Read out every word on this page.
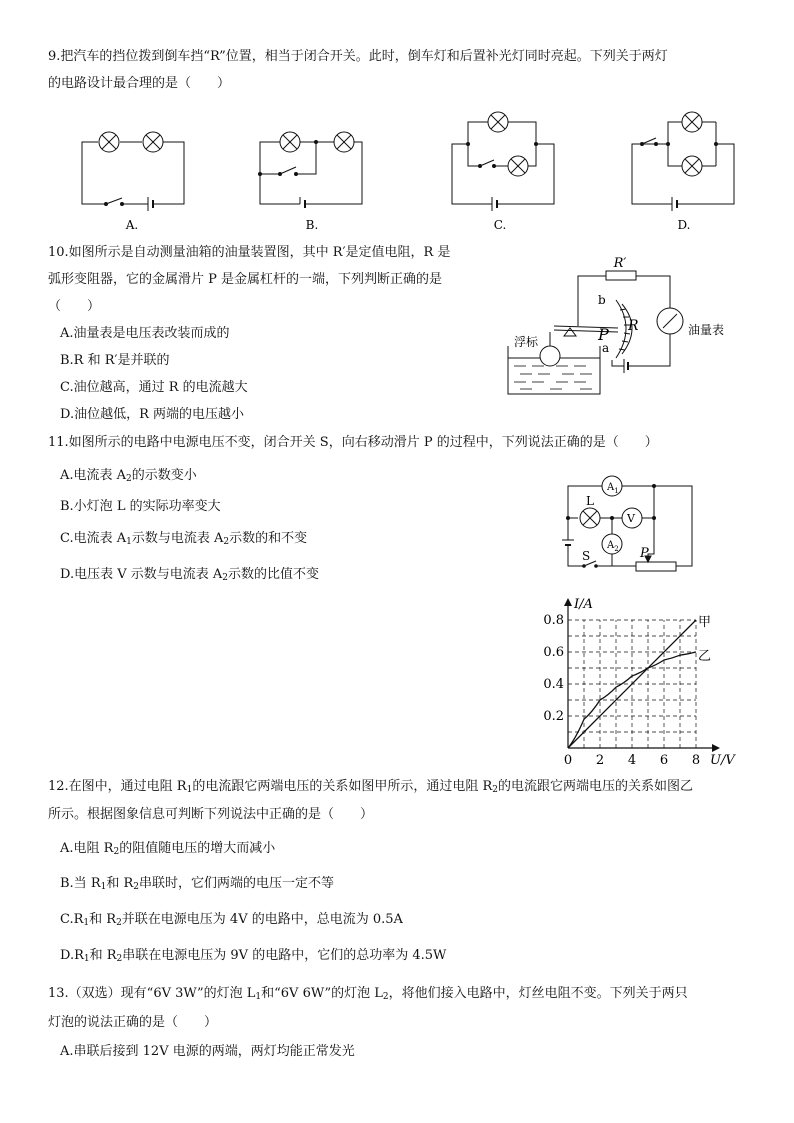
9.把汽车的挡位拨到倒车挡“R”位置，相当于闭合开关。此时，倒车灯和后置补光灯同时亮起。下列关于两灯
的电路设计最合理的是（　　）
A.	B.	C.	D.
10.如图所示是自动测量油箱的油量装置图，其中 R′是定值电阻，R 是
弧形变阻器，它的金属滑片 P 是金属杠杆的一端，下列判断正确的是
（　　）
A.油量表是电压表改装而成的
B.R 和 R′是并联的
C.油位越高，通过 R 的电流越大
D.油位越低，R 两端的电压越小
R′
b
P
a
R
浮标
油量表
11.如图所示的电路中电源电压不变，闭合开关 S，向右移动滑片 P 的过程中，下列说法正确的是（　　）
A.电流表 $A_2$的示数变小
B.小灯泡 L 的实际功率变大
C.电流表 $A_1$示数与电流表 $A_2$示数的和不变
D.电压表 V 示数与电流表 $A_2$示数的比值不变
$A_1$
L
V
$A_2$
S	P
0 2 4 6 8
0.2
0.4
0.6
0.8
I/A
U/V
甲
乙
12.在图中，通过电阻 $R_1$的电流跟它两端电压的关系如图甲所示，通过电阻 $R_2$的电流跟它两端电压的关系如图乙
所示。根据图象信息可判断下列说法中正确的是（　　）
A.电阻 $R_2$的阻值随电压的增大而减小
B.当 $R_1$和 $R_2$串联时，它们两端的电压一定不等
$C.R_1$和 $R_2$并联在电源电压为 4V 的电路中，总电流为 0.5A
$D.R_1$和 $R_2$串联在电源电压为 9V 的电路中，它们的总功率为 4.5W
13.（双选）现有“6V 3W”的灯泡 $L_1$和“6V 6W”的灯泡 $L_2$，将他们接入电路中，灯丝电阻不变。下列关于两只
灯泡的说法正确的是（　　）
A.串联后接到 12V 电源的两端，两灯均能正常发光
